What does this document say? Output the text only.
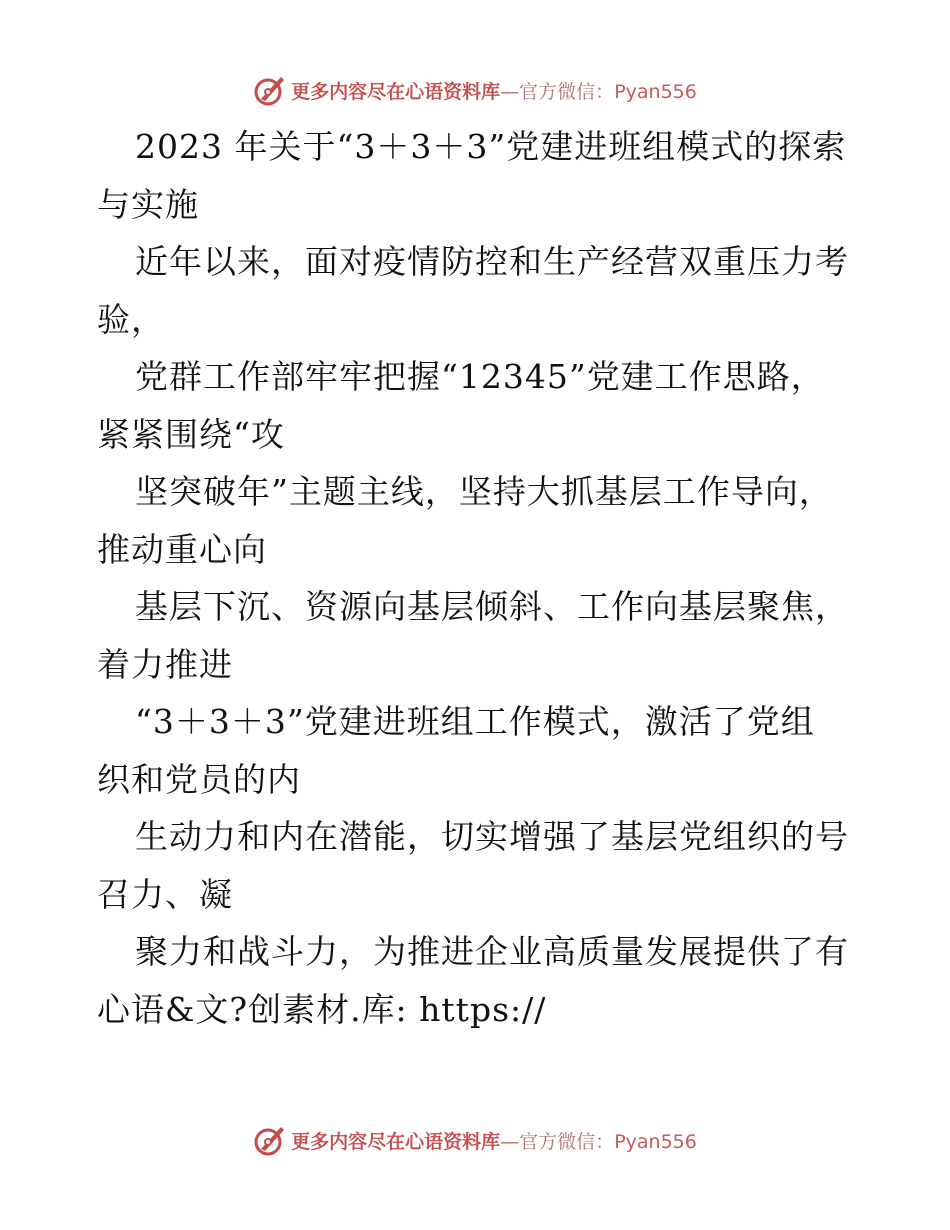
更多内容尽在心语资料库—官方微信：Pyan556
2023 年关于“3＋3＋3”党建进班组模式的探索
与实施
近年以来，面对疫情防控和生产经营双重压力考
验，
党群工作部牢牢把握“12345”党建工作思路，
紧紧围绕“攻
坚突破年”主题主线，坚持大抓基层工作导向，
推动重心向
基层下沉、资源向基层倾斜、工作向基层聚焦，
着力推进
“3＋3＋3”党建进班组工作模式，激活了党组
织和党员的内
生动力和内在潜能，切实增强了基层党组织的号
召力、凝
聚力和战斗力，为推进企业高质量发展提供了有
心语&文?创素材.库: https://
更多内容尽在心语资料库—官方微信：Pyan556
